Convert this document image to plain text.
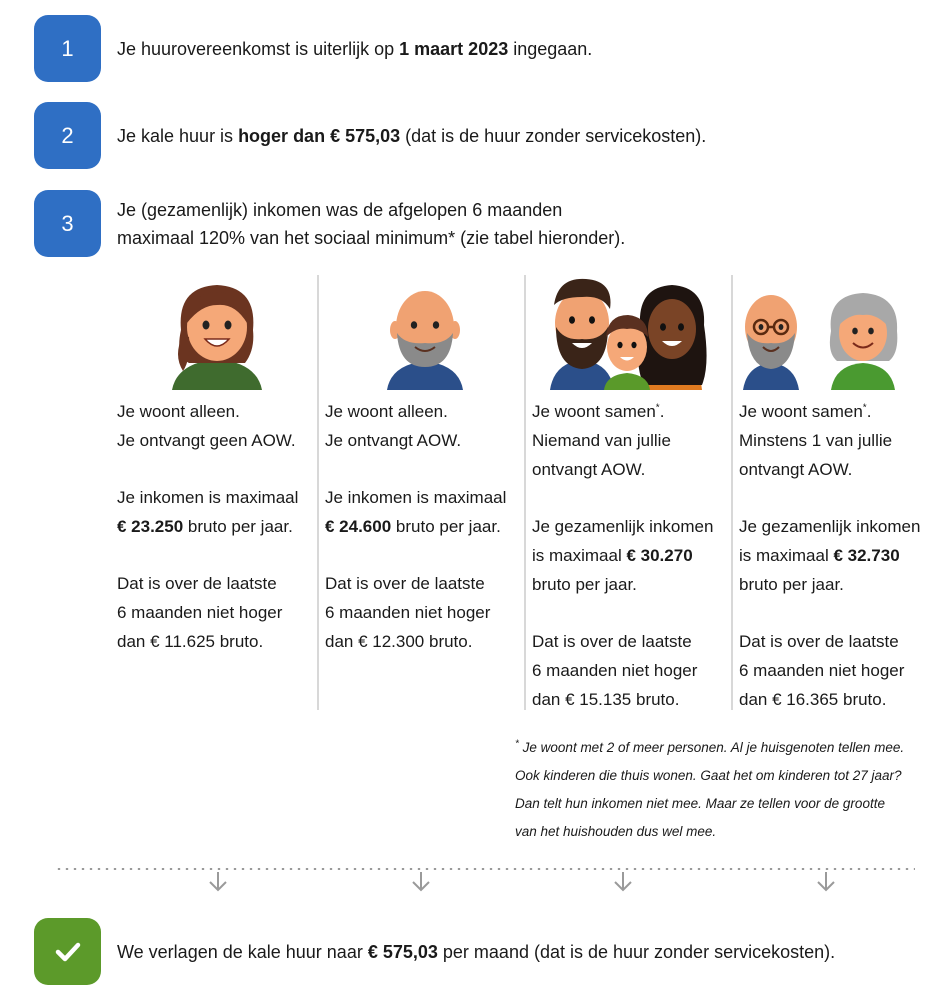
1	Je huurovereenkomst is uiterlijk op 1 maart 2023 ingegaan.
2	Je kale huur is hoger dan € 575,03 (dat is de huur zonder servicekosten).
3
Je (gezamenlijk) inkomen was de afgelopen 6 maanden
maximaal 120% van het sociaal minimum* (zie tabel hieronder).
Je woont alleen.
Je ontvangt geen AOW.
Je inkomen is maximaal
€ 23.250 bruto per jaar.
Dat is over de laatste
6 maanden niet hoger
dan € 11.625 bruto.
Je woont alleen.
Je ontvangt AOW.
Je inkomen is maximaal
€ 24.600 bruto per jaar.
Dat is over de laatste
6 maanden niet hoger
dan € 12.300 bruto.
Je woont samen*.
Niemand van jullie
ontvangt AOW.
Je gezamenlijk inkomen
is maximaal € 30.270
bruto per jaar.
Dat is over de laatste
6 maanden niet hoger
dan € 15.135 bruto.
Je woont samen*.
Minstens 1 van jullie
ontvangt AOW.
Je gezamenlijk inkomen
is maximaal € 32.730
bruto per jaar.
Dat is over de laatste
6 maanden niet hoger
dan € 16.365 bruto.
* Je woont met 2 of meer personen. Al je huisgenoten tellen mee.
Ook kinderen die thuis wonen. Gaat het om kinderen tot 27 jaar?
Dan telt hun inkomen niet mee. Maar ze tellen voor de grootte
van het huishouden dus wel mee.
We verlagen de kale huur naar € 575,03 per maand (dat is de huur zonder servicekosten).
